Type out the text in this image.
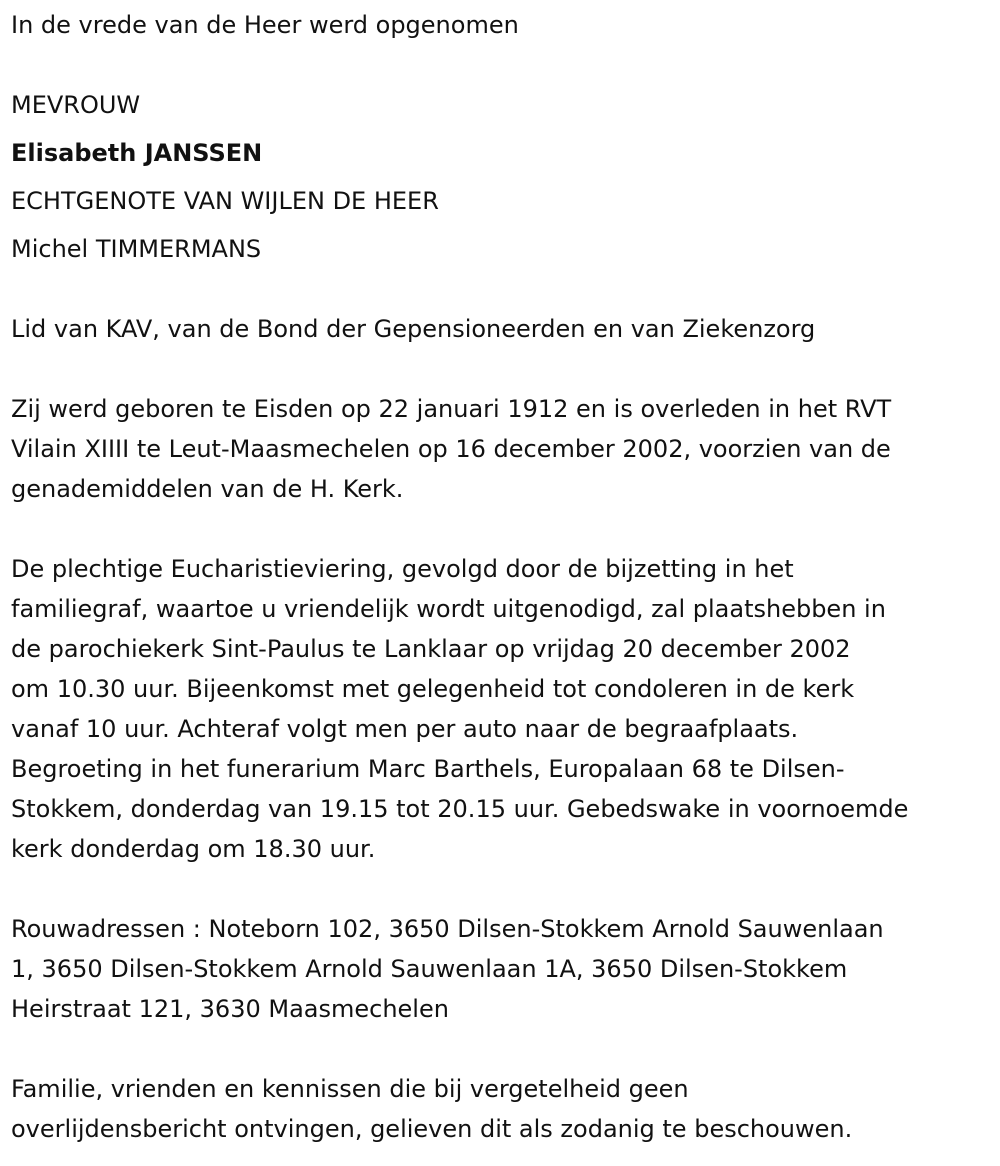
In de vrede van de Heer werd opgenomen
MEVROUW
Elisabeth JANSSEN
ECHTGENOTE VAN WIJLEN DE HEER
Michel TIMMERMANS
Lid van KAV, van de Bond der Gepensioneerden en van Ziekenzorg
Zij werd geboren te Eisden op 22 januari 1912 en is overleden in het RVT
Vilain XIIII te Leut-Maasmechelen op 16 december 2002, voorzien van de
genademiddelen van de H. Kerk.
De plechtige Eucharistieviering, gevolgd door de bijzetting in het
familiegraf, waartoe u vriendelijk wordt uitgenodigd, zal plaatshebben in
de parochiekerk Sint-Paulus te Lanklaar op vrijdag 20 december 2002
om 10.30 uur. Bijeenkomst met gelegenheid tot condoleren in de kerk
vanaf 10 uur. Achteraf volgt men per auto naar de begraafplaats.
Begroeting in het funerarium Marc Barthels, Europalaan 68 te Dilsen-
Stokkem, donderdag van 19.15 tot 20.15 uur. Gebedswake in voornoemde
kerk donderdag om 18.30 uur.
Rouwadressen : Noteborn 102, 3650 Dilsen-Stokkem Arnold Sauwenlaan
1, 3650 Dilsen-Stokkem Arnold Sauwenlaan 1A, 3650 Dilsen-Stokkem
Heirstraat 121, 3630 Maasmechelen
Familie, vrienden en kennissen die bij vergetelheid geen
overlijdensbericht ontvingen, gelieven dit als zodanig te beschouwen.
